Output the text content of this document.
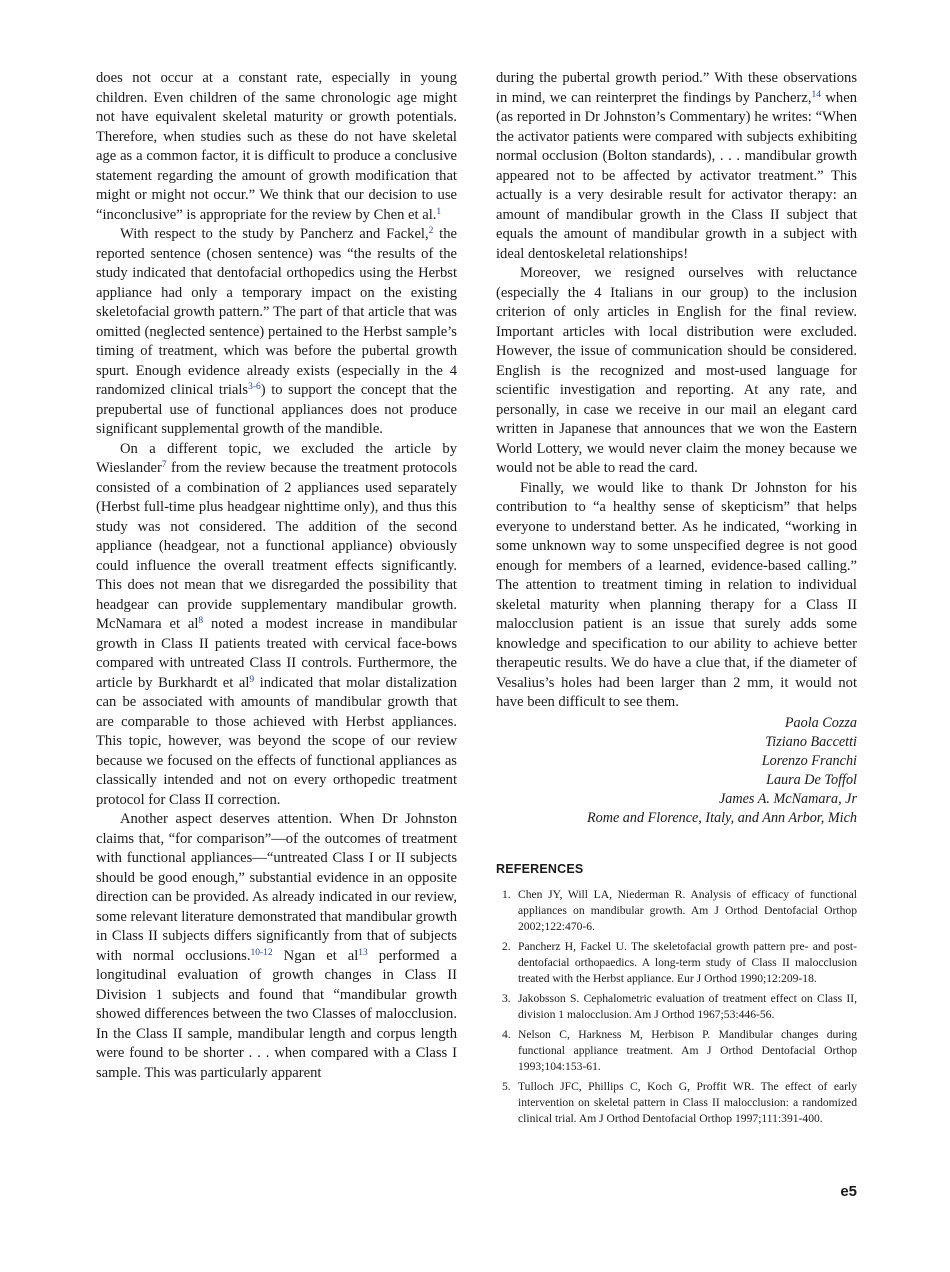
does not occur at a constant rate, especially in young children. Even children of the same chronologic age might not have equivalent skeletal maturity or growth potentials. Therefore, when studies such as these do not have skeletal age as a common factor, it is difficult to produce a conclusive statement regarding the amount of growth modification that might or might not occur.” We think that our decision to use “inconclusive” is appropriate for the review by Chen et al.$^1$

With respect to the study by Pancherz and Fackel,$^2$ the reported sentence (chosen sentence) was “the results of the study indicated that dentofacial orthopedics using the Herbst appliance had only a temporary impact on the existing skeletofacial growth pattern.” The part of that article that was omitted (neglected sentence) pertained to the Herbst sample’s timing of treatment, which was before the pubertal growth spurt. Enough evidence already exists (especially in the 4 randomized clinical trials$^{3-6}$) to support the concept that the prepubertal use of functional appliances does not produce significant supplemental growth of the mandible.

On a different topic, we excluded the article by Wieslander$^7$ from the review because the treatment protocols consisted of a combination of 2 appliances used separately (Herbst full-time plus headgear nighttime only), and thus this study was not considered. The addition of the second appliance (headgear, not a functional appliance) obviously could influence the overall treatment effects significantly. This does not mean that we disregarded the possibility that headgear can provide supplementary mandibular growth. McNamara et al$^8$ noted a modest increase in mandibular growth in Class II patients treated with cervical face-bows compared with untreated Class II controls. Furthermore, the article by Burkhardt et al$^9$ indicated that molar distalization can be associated with amounts of mandibular growth that are comparable to those achieved with Herbst appliances. This topic, however, was beyond the scope of our review because we focused on the effects of functional appliances as classically intended and not on every orthopedic treatment protocol for Class II correction.

Another aspect deserves attention. When Dr Johnston claims that, “for comparison”—of the outcomes of treatment with functional appliances—“untreated Class I or II subjects should be good enough,” substantial evidence in an opposite direction can be provided. As already indicated in our review, some relevant literature demonstrated that mandibular growth in Class II subjects differs significantly from that of subjects with normal occlusions.$^{10-12}$ Ngan et al$^{13}$ performed a longitudinal evaluation of growth changes in Class II Division 1 subjects and found that “mandibular growth showed differences between the two Classes of malocclusion. In the Class II sample, mandibular length and corpus length were found to be shorter . . . when compared with a Class I sample. This was particularly apparent

during the pubertal growth period.” With these observations in mind, we can reinterpret the findings by Pancherz,$^{14}$ when (as reported in Dr Johnston’s Commentary) he writes: “When the activator patients were compared with subjects exhibiting normal occlusion (Bolton standards), . . . mandibular growth appeared not to be affected by activator treatment.” This actually is a very desirable result for activator therapy: an amount of mandibular growth in the Class II subject that equals the amount of mandibular growth in a subject with ideal dentoskeletal relationships!

Moreover, we resigned ourselves with reluctance (especially the 4 Italians in our group) to the inclusion criterion of only articles in English for the final review. Important articles with local distribution were excluded. However, the issue of communication should be considered. English is the recognized and most-used language for scientific investigation and reporting. At any rate, and personally, in case we receive in our mail an elegant card written in Japanese that announces that we won the Eastern World Lottery, we would never claim the money because we would not be able to read the card.

Finally, we would like to thank Dr Johnston for his contribution to “a healthy sense of skepticism” that helps everyone to understand better. As he indicated, “working in some unknown way to some unspecified degree is not good enough for members of a learned, evidence-based calling.” The attention to treatment timing in relation to individual skeletal maturity when planning therapy for a Class II malocclusion patient is an issue that surely adds some knowledge and specification to our ability to achieve better therapeutic results. We do have a clue that, if the diameter of Vesalius’s holes had been larger than 2 mm, it would not have been difficult to see them.

Paola Cozza
Tiziano Baccetti
Lorenzo Franchi
Laura De Toffol
James A. McNamara, Jr
Rome and Florence, Italy, and Ann Arbor, Mich
REFERENCES
1. Chen JY, Will LA, Niederman R. Analysis of efficacy of functional appliances on mandibular growth. Am J Orthod Dentofacial Orthop 2002;122:470-6.
2. Pancherz H, Fackel U. The skeletofacial growth pattern pre- and post-dentofacial orthopaedics. A long-term study of Class II malocclusion treated with the Herbst appliance. Eur J Orthod 1990;12:209-18.
3. Jakobsson S. Cephalometric evaluation of treatment effect on Class II, division 1 malocclusion. Am J Orthod 1967;53:446-56.
4. Nelson C, Harkness M, Herbison P. Mandibular changes during functional appliance treatment. Am J Orthod Dentofacial Orthop 1993;104:153-61.
5. Tulloch JFC, Phillips C, Koch G, Proffit WR. The effect of early intervention on skeletal pattern in Class II malocclusion: a randomized clinical trial. Am J Orthod Dentofacial Orthop 1997;111:391-400.
e5
